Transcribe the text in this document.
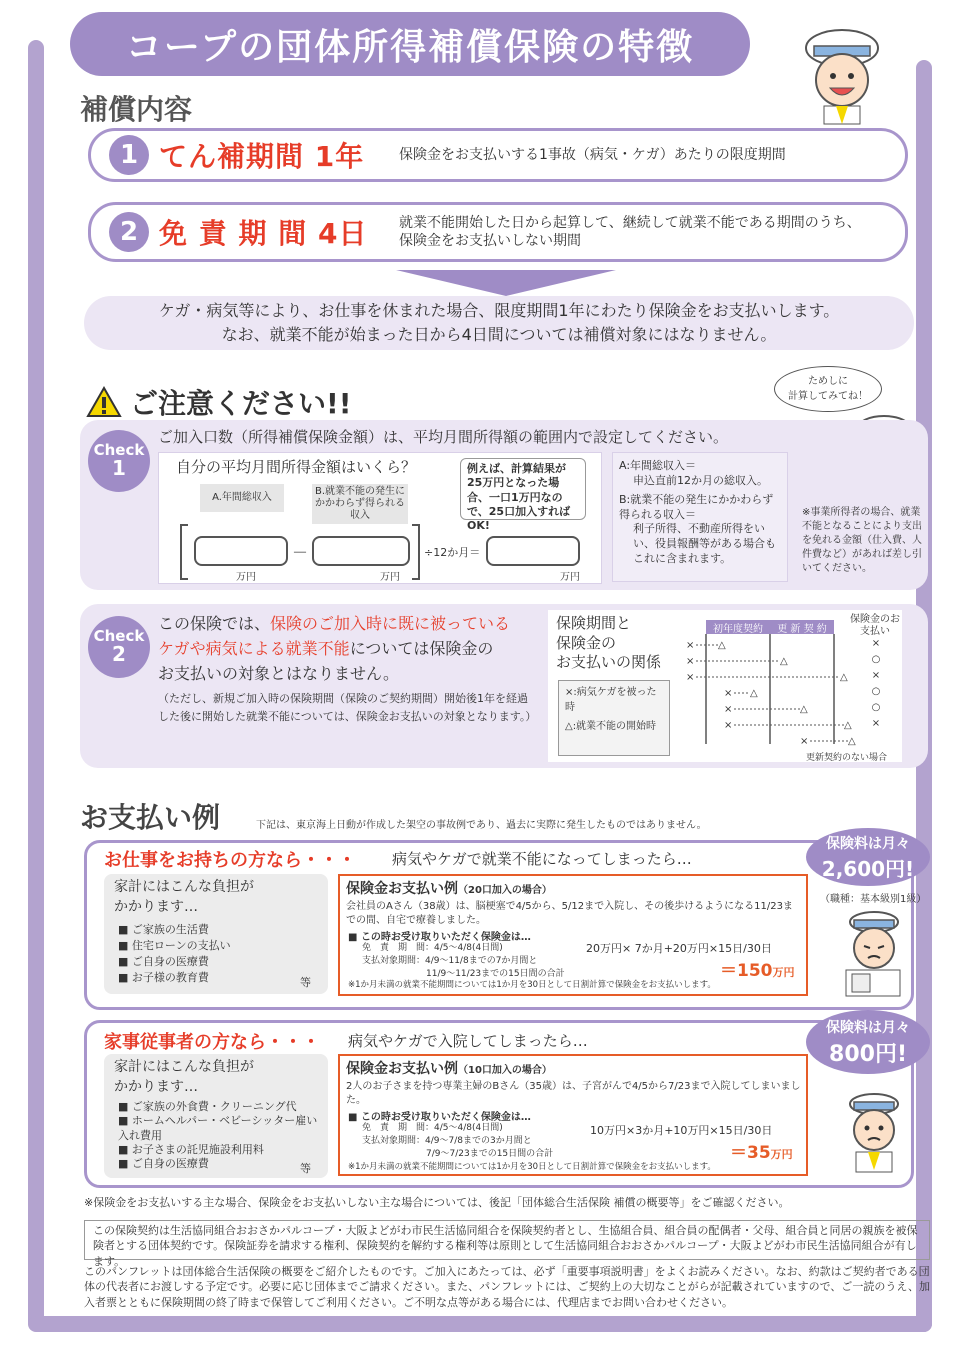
コープの団体所得補償保険の特徴
補償内容
1 てん補期間 1年	保険金をお支払いする1事故（病気・ケガ）あたりの限度期間
2 免 責 期 間 4日	就業不能開始した日から起算して、継続して就業不能である期間のうち、
保険金をお支払いしない期間
ケガ・病気等により、お仕事を休まれた場合、限度期間1年にわたり保険金をお支払いします。
なお、就業不能が始まった日から4日間については補償対象にはなりません。
ご注意ください!!
ためしに
計算してみてね！
Check
1
ご加入口数（所得補償保険金額）は、平均月間所得額の範囲内で設定してください。
自分の平均月間所得金額はいくら？
A.年間総収入
B.就業不能の発生にかかわらず得られる収入
－
万円	万円
÷12か月＝
万円
例えば、計算結果が25万円となった場合、一口1万円なので、25口加入すればOK!
A:年間総収入＝
申込直前12か月の総収入。
B:就業不能の発生にかかわらず得られる収入＝
利子所得、不動産所得をいい、役員報酬等がある場合もこれに含まれます。
※事業所得者の場合、就業不能となることにより支出を免れる金額（仕入費、人件費など）があれば差し引いてください。
Check
2
この保険では、保険のご加入時に既に被っている
ケガや病気による就業不能については保険金の
お支払いの対象とはなりません。
（ただし、新規ご加入時の保険期間（保険のご契約期間）開始後1年を経過した後に開始した就業不能については、保険金お支払いの対象となります。）
保険期間と
保険金の
お支払いの関係
×:病気ケガを被った時
△:就業不能の開始時
初年度契約	更 新 契 約
保険金のお支払い
× △
×	△
×	△
× △
×	△
×	△
×	△
×
○
×
○
○
×
更新契約のない場合
お支払い例	下記は、東京海上日動が作成した架空の事故例であり、過去に実際に発生したものではありません。
お仕事をお持ちの方なら・・・ 病気やケガで就業不能になってしまったら…
家計にはこんな負担が
かかります…
■ ご家族の生活費
■ 住宅ローンの支払い
■ ご自身の医療費
■ お子様の教育費	等
保険金お支払い例（20口加入の場合）
会社員のAさん（38歳）は、脳梗塞で4/5から、5/12まで入院し、その後歩けるようになる11/23までの間、自宅で療養しました。
■ この時お受け取りいただく保険金は…
免　責　期　間：4/5〜4/8(4日間)
支払対象期間：4/9〜11/8までの7か月間と
11/9〜11/23までの15日間の合計
20万円× 7か月+20万円×15日/30日
＝150万円
※1か月未満の就業不能期間については1か月を30日として日割計算で保険金をお支払いします。
保険料は月々
2,600円!
（職種：基本級別1級）
家事従事者の方なら・・・ 病気やケガで入院してしまったら…
家計にはこんな負担が
かかります…
■ ご家族の外食費・クリーニング代
■ ホームヘルパー・ベビーシッター雇い入れ費用
■ お子さまの託児施設利用料
■ ご自身の医療費	等
保険金お支払い例（10口加入の場合）
2人のお子さまを持つ専業主婦のBさん（35歳）は、子宮がんで4/5から7/23まで入院してしまいました。
■ この時お受け取りいただく保険金は…
免　責　期　間：4/5〜4/8(4日間)
支払対象期間：4/9〜7/8までの3か月間と
7/9〜7/23までの15日間の合計
10万円×3か月+10万円×15日/30日
＝35万円
※1か月未満の就業不能期間については1か月を30日として日割計算で保険金をお支払いします。
保険料は月々
800円!
※保険金をお支払いする主な場合、保険金をお支払いしない主な場合については、後記「団体総合生活保険 補償の概要等」をご確認ください。
この保険契約は生活協同組合おおさかパルコープ・大阪よどがわ市民生活協同組合を保険契約者とし、生協組合員、組合員の配偶者・父母、組合員と同居の親族を被保険者とする団体契約です。保険証券を請求する権利、保険契約を解約する権利等は原則として生活協同組合おおさかパルコープ・大阪よどがわ市民生活協同組合が有します。
このパンフレットは団体総合生活保険の概要をご紹介したものです。ご加入にあたっては、必ず「重要事項説明書」をよくお読みください。なお、約款はご契約者である団体の代表者にお渡しする予定です。必要に応じ団体までご請求ください。また、パンフレットには、ご契約上の大切なことがらが記載されていますので、ご一読のうえ、加入者票とともに保険期間の終了時まで保管してご利用ください。ご不明な点等がある場合には、代理店までお問い合わせください。
